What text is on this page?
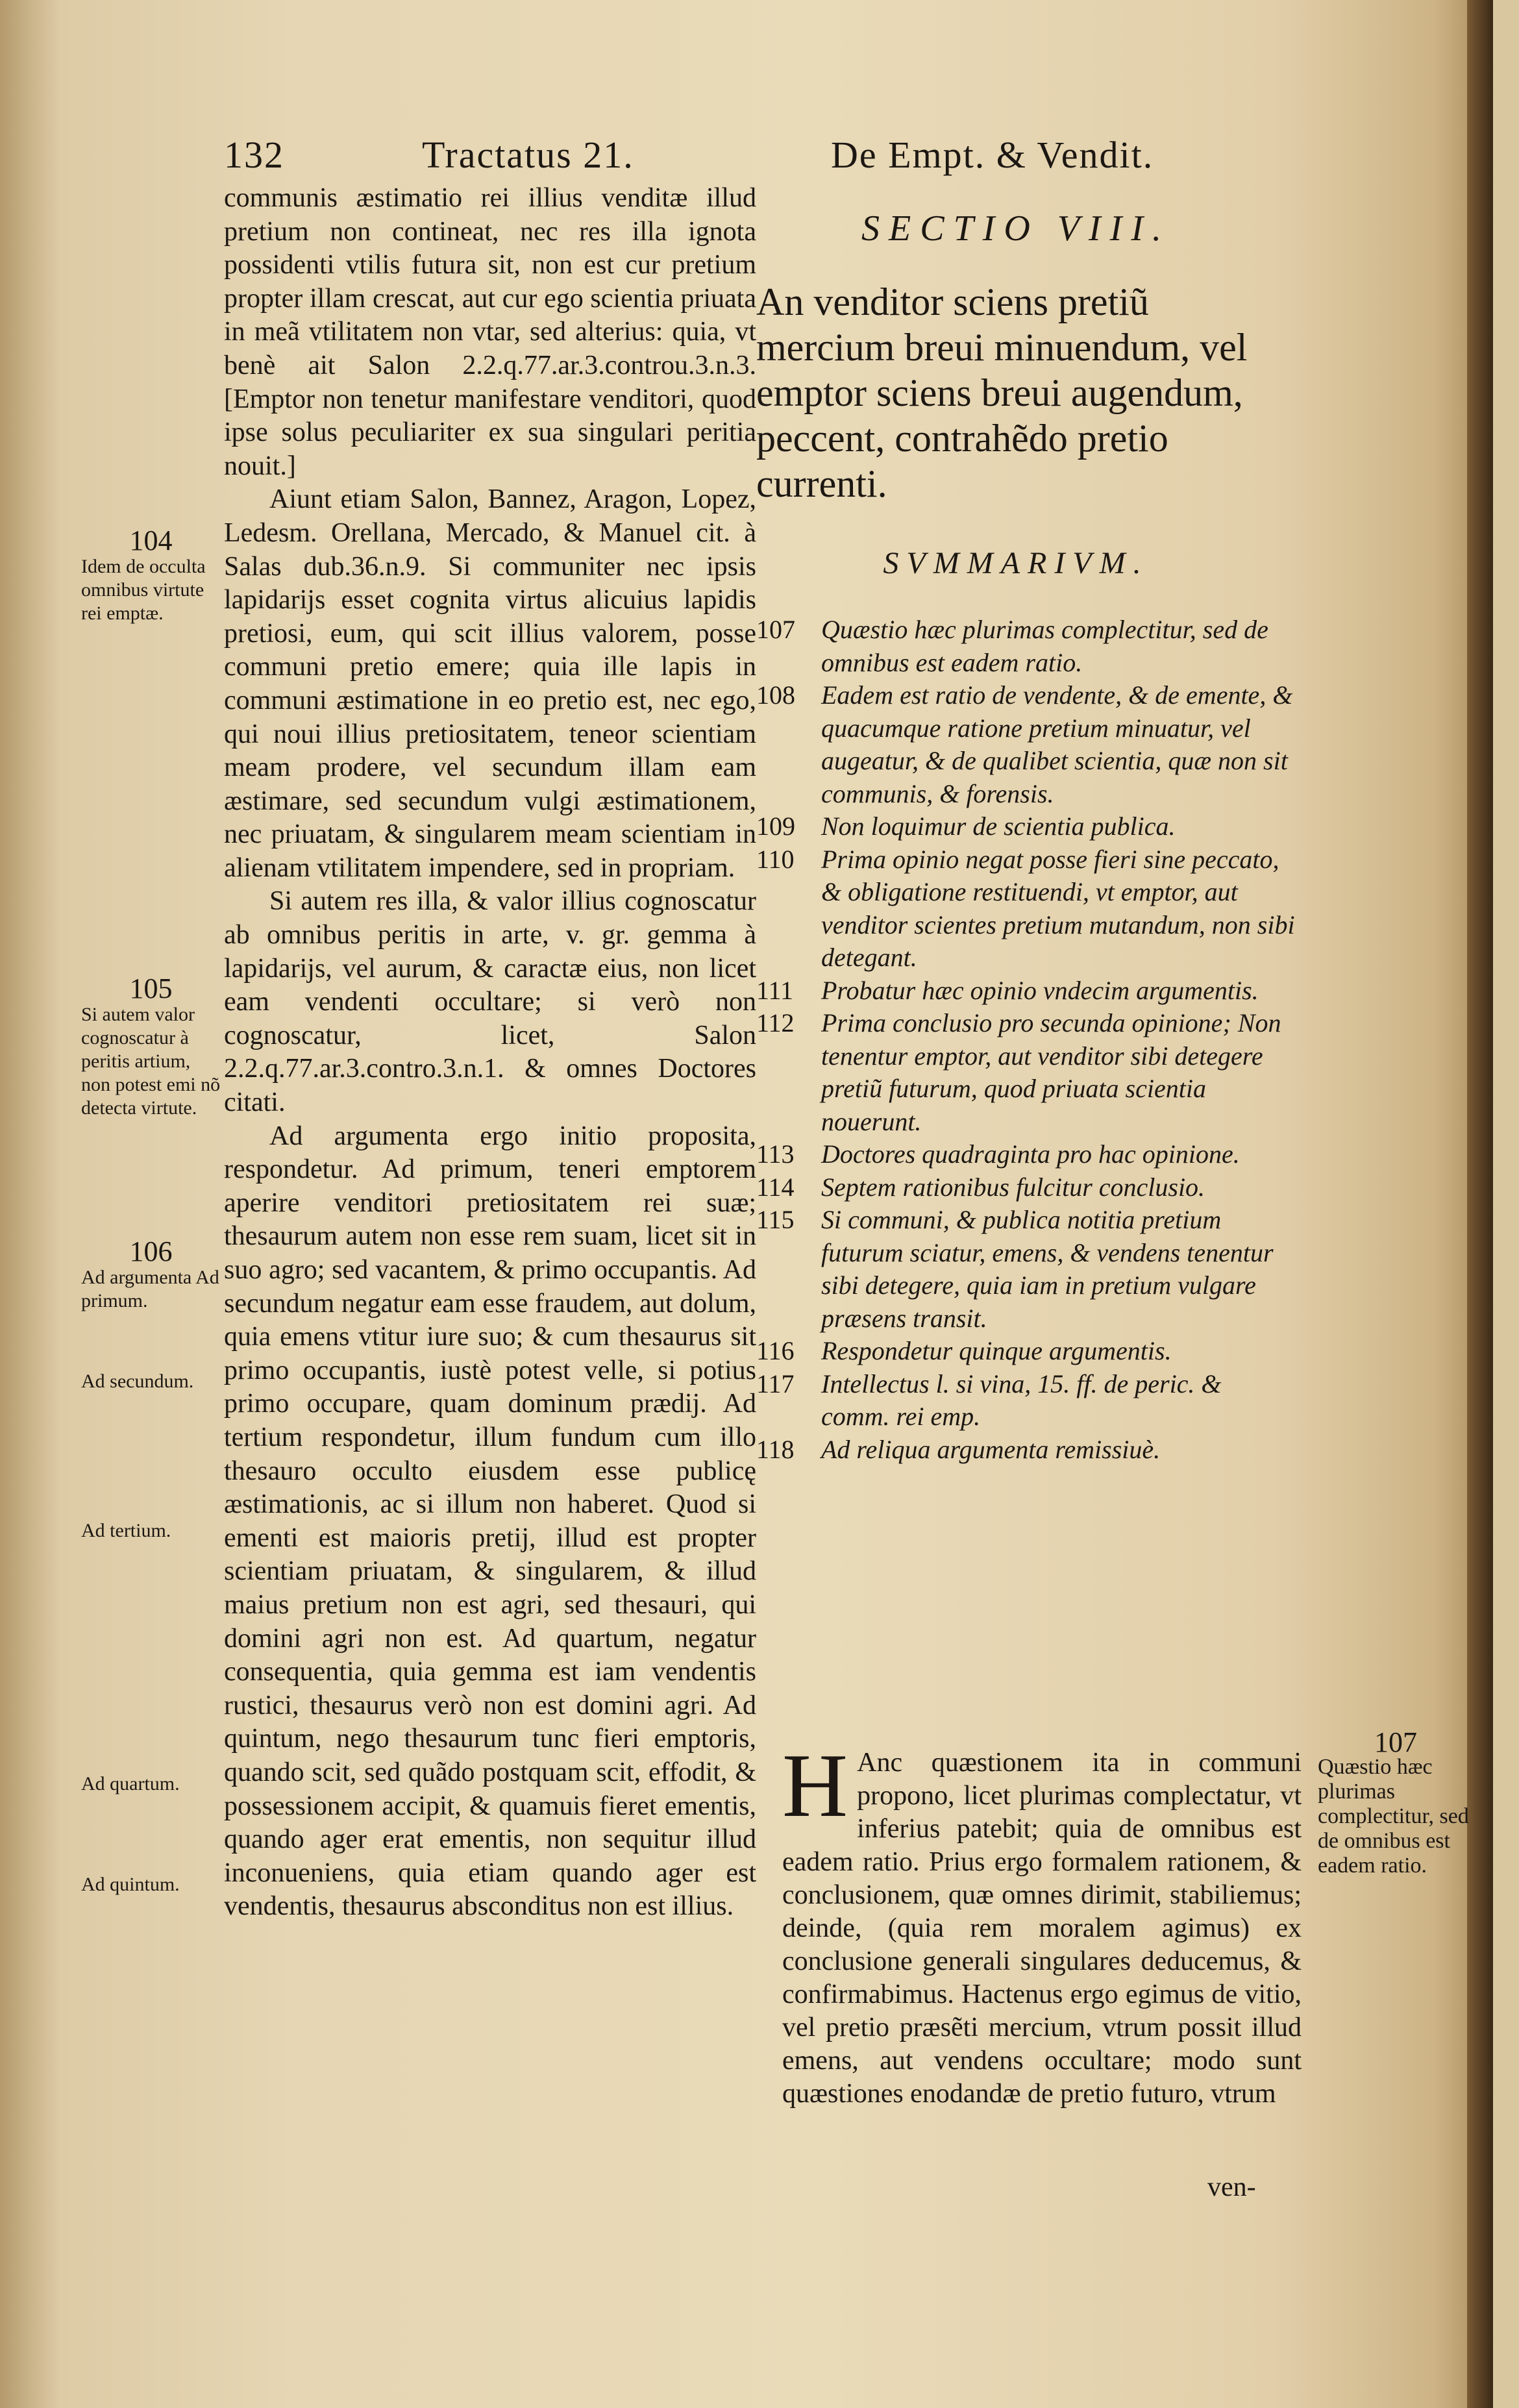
132	Tractatus 21.	De Empt. & Vendit.

communis æstimatio rei illius venditæ illud pretium non contineat, nec res illa ignota possidenti vtilis futura sit, non est cur pretium propter illam crescat, aut cur ego scientia priuata in meã vtilitatem non vtar, sed alterius: quia, vt benè ait Salon 2.2.q.77.ar.3.controu.3.n.3. [Emptor non tenetur manifestare venditori, quod ipse solus peculiariter ex sua singulari peritia nouit.]

Aiunt etiam Salon, Bannez, Aragon, Lopez, Ledesm. Orellana, Mercado, & Manuel cit. à Salas dub.36.n.9. Si communiter nec ipsis lapidarijs esset cognita virtus alicuius lapidis pretiosi, eum, qui scit illius valorem, posse communi pretio emere; quia ille lapis in communi æstimatione in eo pretio est, nec ego, qui noui illius pretiositatem, teneor scientiam meam prodere, vel secundum illam eam æstimare, sed secundum vulgi æstimationem, nec priuatam, & singularem meam scientiam in alienam vtilitatem impendere, sed in propriam.

Si autem res illa, & valor illius cognoscatur ab omnibus peritis in arte, v. gr. gemma à lapidarijs, vel aurum, & caractæ eius, non licet eam vendenti occultare; si verò non cognoscatur, licet, Salon 2.2.q.77.ar.3.contro.3.n.1. & omnes Doctores citati.

Ad argumenta ergo initio proposita, respondetur. Ad primum, teneri emptorem aperire venditori pretiositatem rei suæ; thesaurum autem non esse rem suam, licet sit in suo agro; sed vacantem, & primo occupantis. Ad secundum negatur eam esse fraudem, aut dolum, quia emens vtitur iure suo; & cum thesaurus sit primo occupantis, iustè potest velle, si potius primo occupare, quam dominum prædij. Ad tertium respondetur, illum fundum cum illo thesauro occulto eiusdem esse publicę æstimationis, ac si illum non haberet. Quod si ementi est maioris pretij, illud est propter scientiam priuatam, & singularem, & illud maius pretium non est agri, sed thesauri, qui domini agri non est. Ad quartum, negatur consequentia, quia gemma est iam vendentis rustici, thesaurus verò non est domini agri. Ad quintum, nego thesaurum tunc fieri emptoris, quando scit, sed quãdo postquam scit, effodit, & possessionem accipit, & quamuis fieret ementis, quando ager erat ementis, non sequitur illud inconueniens, quia etiam quando ager est vendentis, thesaurus absconditus non est illius.

104
Idem de occulta omnibus virtute rei emptæ.
105
Si autem valor cognoscatur à peritis artium, non potest emi nõ detecta virtute.
106
Ad argumenta Ad primum.
Ad secundum.
Ad tertium.
Ad quartum.
Ad quintum.
SECTIO VIII.
An venditor sciens pretiũ mercium breui minuendum, vel emptor sciens breui augendum, peccent, contrahẽdo pretio currenti.
SVMMARIVM.
107	Quæstio hæc plurimas complectitur, sed de omnibus est eadem ratio.
108	Eadem est ratio de vendente, & de emente, & quacumque ratione pretium minuatur, vel augeatur, & de qualibet scientia, quæ non sit communis, & forensis.
109	Non loquimur de scientia publica.
110	Prima opinio negat posse fieri sine peccato, & obligatione restituendi, vt emptor, aut venditor scientes pretium mutandum, non sibi detegant.
111	Probatur hæc opinio vndecim argumentis.
112	Prima conclusio pro secunda opinione; Non tenentur emptor, aut venditor sibi detegere pretiũ futurum, quod priuata scientia nouerunt.
113	Doctores quadraginta pro hac opinione.
114	Septem rationibus fulcitur conclusio.
115	Si communi, & publica notitia pretium futurum sciatur, emens, & vendens tenentur sibi detegere, quia iam in pretium vulgare præsens transit.
116	Respondetur quinque argumentis.
117	Intellectus l. si vina, 15. ff. de peric. & comm. rei emp.
118	Ad reliqua argumenta remissiuè.
H Anc quæstionem ita in communi propono, licet plurimas complectatur, vt inferius patebit; quia de omnibus est eadem ratio. Prius ergo formalem rationem, & conclusionem, quæ omnes dirimit, stabiliemus; deinde, (quia rem moralem agimus) ex conclusione generali singulares deducemus, & confirmabimus. Hactenus ergo egimus de vitio, vel pretio præsẽti mercium, vtrum possit illud emens, aut vendens occultare; modo sunt quæstiones enodandæ de pretio futuro, vtrum
107
Quæstio hæc plurimas complectitur, sed de omnibus est eadem ratio.
ven-
